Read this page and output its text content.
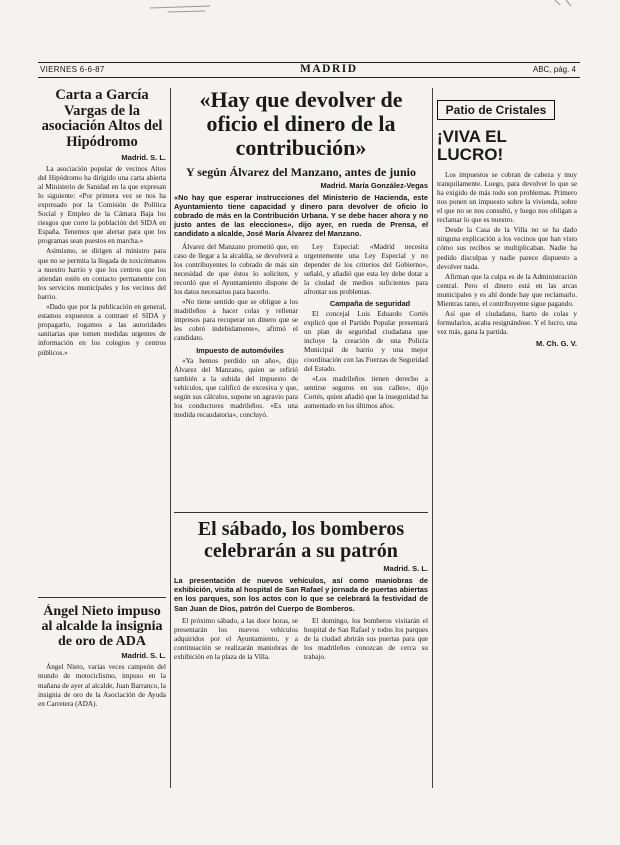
VIERNES 6-6-87	MADRID	ABC, pág. 4
Carta a García Vargas de la asociación Altos del Hipódromo
Madrid. S. L.

La asociación popular de vecinos Altos del Hipódromo ha dirigido una carta abierta al Ministerio de Sanidad en la que expresan lo siguiente: «Por primera vez se nos ha expresado por la Comisión de Política Social y Empleo de la Cámara Baja los riesgos que corre la población del SIDA en España. Tenemos que alertar para que los programas sean puestos en marcha.»

Asimismo, se dirigen al ministro para que no se permita la llegada de toxicómanos a nuestro barrio y que los centros que los atiendan estén en contacto permanente con los servicios municipales y los vecinos del barrio.

«Dado que por la publicación en general, estamos expuestos a contraer el SIDA y propagarlo, rogamos a las autoridades sanitarias que tomen medidas urgentes de información en los colegios y centros públicos.»

Ángel Nieto impuso al alcalde la insignia de oro de ADA
Madrid. S. L.
Ángel Nieto, varias veces campeón del mundo de motociclismo, impuso en la mañana de ayer al alcalde, Juan Barranco, la insignia de oro de la Asociación de Ayuda en Carretera (ADA).
«Hay que devolver de oficio el dinero de la contribución»
Y según Álvarez del Manzano, antes de junio
Madrid. María González-Vegas
«No hay que esperar instrucciones del Ministerio de Hacienda, este Ayuntamiento tiene capacidad y dinero para devolver de oficio lo cobrado de más en la Contribución Urbana. Y se debe hacer ahora y no justo antes de las elecciones», dijo ayer, en rueda de Prensa, el candidato a alcalde, José María Álvarez del Manzano.

Álvarez del Manzano prometió que, en caso de llegar a la alcaldía, se devolverá a los contribuyentes lo cobrado de más sin necesidad de que éstos lo soliciten, y recordó que el Ayuntamiento dispone de los datos necesarios para hacerlo.

«No tiene sentido que se obligue a los madrileños a hacer colas y rellenar impresos para recuperar un dinero que se les cobró indebidamente», afirmó el candidato.

Impuesto de automóviles

«Ya hemos perdido un año», dijo Álvarez del Manzano, quien se refirió también a la subida del impuesto de vehículos, que calificó de excesiva y que, según sus cálculos, supone un agravio para los conductores madrileños. «Es una medida recaudatoria», concluyó.

Ley Especial: «Madrid necesita urgentemente una Ley Especial y no depender de los criterios del Gobierno», señaló, y añadió que esta ley debe dotar a la ciudad de medios suficientes para afrontar sus problemas.

Campaña de seguridad

El concejal Luis Eduardo Cortés explicó que el Partido Popular presentará un plan de seguridad ciudadana que incluye la creación de una Policía Municipal de barrio y una mejor coordinación con las Fuerzas de Seguridad del Estado.

«Los madrileños tienen derecho a sentirse seguros en sus calles», dijo Cortés, quien añadió que la inseguridad ha aumentado en los últimos años.

El sábado, los bomberos celebrarán a su patrón
Madrid. S. L.
La presentación de nuevos vehículos, así como maniobras de exhibición, visita al hospital de San Rafael y jornada de puertas abiertas en los parques, son los actos con lo que se celebrará la festividad de San Juan de Dios, patrón del Cuerpo de Bomberos.
El próximo sábado, a las doce horas, se presentarán los nuevos vehículos adquiridos por el Ayuntamiento, y a continuación se realizarán maniobras de exhibición en la plaza de la Villa.
El domingo, los bomberos visitarán el hospital de San Rafael y todos los parques de la ciudad abrirán sus puertas para que los madrileños conozcan de cerca su trabajo.
Patio de Cristales
¡VIVA EL LUCRO!

Los impuestos se cobran de cabeza y muy tranquilamente. Luego, para devolver lo que se ha exigido de más todo son problemas. Primero nos ponen un impuesto sobre la vivienda, sobre el que no se nos consultó, y luego nos obligan a reclamar lo que es nuestro.

Desde la Casa de la Villa no se ha dado ninguna explicación a los vecinos que han visto cómo sus recibos se multiplicaban. Nadie ha pedido disculpas y nadie parece dispuesto a devolver nada.

Afirman que la culpa es de la Administración central. Pero el dinero está en las arcas municipales y es ahí donde hay que reclamarlo. Mientras tanto, el contribuyente sigue pagando.

Así que el ciudadano, harto de colas y formularios, acaba resignándose. Y el lucro, una vez más, gana la partida.

M. Ch. G. V.
